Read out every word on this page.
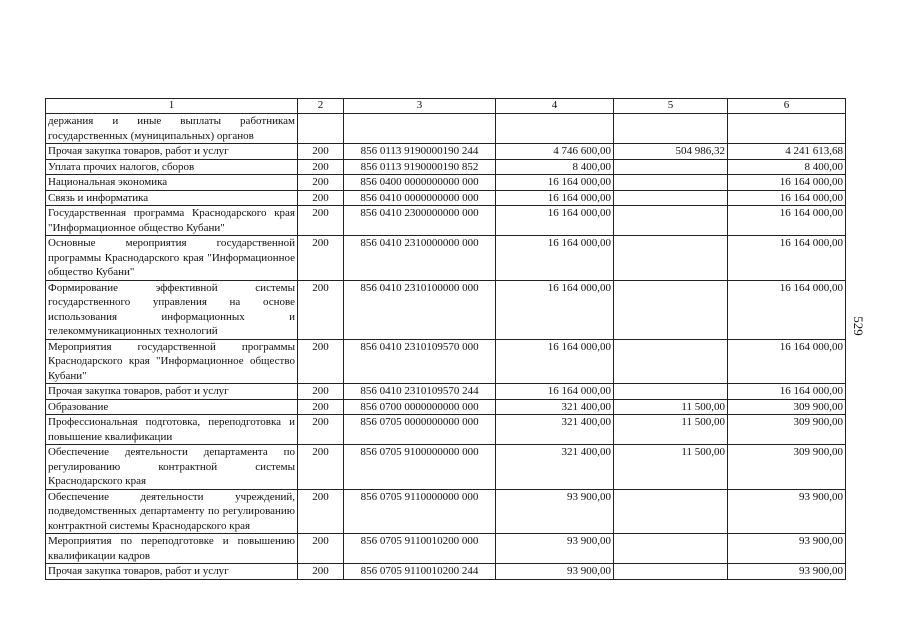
1	2	3	4	5	6
держания и иные выплаты работникам государственных (муниципальных) органов					
Прочая закупка товаров, работ и услуг	200	856 0113 9190000190 244	4 746 600,00	504 986,32	4 241 613,68
Уплата прочих налогов, сборов	200	856 0113 9190000190 852	8 400,00		8 400,00
Национальная экономика	200	856 0400 0000000000 000	16 164 000,00		16 164 000,00
Связь и информатика	200	856 0410 0000000000 000	16 164 000,00		16 164 000,00
Государственная программа Краснодарского края "Информационное общество Кубани"	200	856 0410 2300000000 000	16 164 000,00		16 164 000,00
Основные мероприятия государственной программы Краснодарского края "Информационное общество Кубани"	200	856 0410 2310000000 000	16 164 000,00		16 164 000,00
Формирование эффективной системы государственного управления на основе использования информационных и телекоммуникационных технологий	200	856 0410 2310100000 000	16 164 000,00		16 164 000,00
Мероприятия государственной программы Краснодарского края "Информационное общество Кубани"	200	856 0410 2310109570 000	16 164 000,00		16 164 000,00
Прочая закупка товаров, работ и услуг	200	856 0410 2310109570 244	16 164 000,00		16 164 000,00
Образование	200	856 0700 0000000000 000	321 400,00	11 500,00	309 900,00
Профессиональная подготовка, переподготовка и повышение квалификации	200	856 0705 0000000000 000	321 400,00	11 500,00	309 900,00
Обеспечение деятельности департамента по регулированию контрактной системы Краснодарского края	200	856 0705 9100000000 000	321 400,00	11 500,00	309 900,00
Обеспечение деятельности учреждений, подведомственных департаменту по регулированию контрактной системы Краснодарского края	200	856 0705 9110000000 000	93 900,00		93 900,00
Мероприятия по переподготовке и повышению квалификации кадров	200	856 0705 9110010200 000	93 900,00		93 900,00
Прочая закупка товаров, работ и услуг	200	856 0705 9110010200 244	93 900,00		93 900,00
529
